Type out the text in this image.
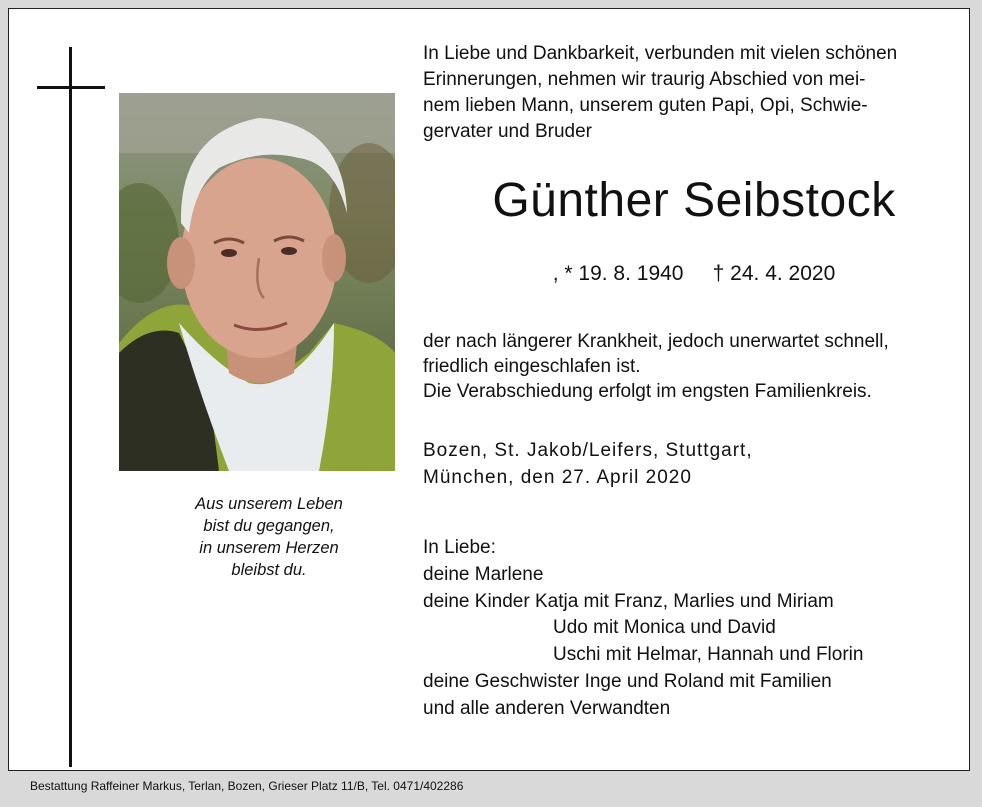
Aus unserem Leben
bist du gegangen,
in unserem Herzen
bleibst du.
In Liebe und Dankbarkeit, verbunden mit vielen schönen
Erinnerungen, nehmen wir traurig Abschied von mei-
nem lieben Mann, unserem guten Papi, Opi, Schwie-
gervater und Bruder
Günther Seibstock
, * 19. 8. 1940     † 24. 4. 2020
der nach längerer Krankheit, jedoch unerwartet schnell,
friedlich eingeschlafen ist.
Die Verabschiedung erfolgt im engsten Familienkreis.
Bozen, St. Jakob/Leifers, Stuttgart,
München, den 27. April 2020
In Liebe:
deine Marlene
deine Kinder Katja mit Franz, Marlies und Miriam
Udo mit Monica und David
Uschi mit Helmar, Hannah und Florin
deine Geschwister Inge und Roland mit Familien
und alle anderen Verwandten
Bestattung Raffeiner Markus, Terlan, Bozen, Grieser Platz 11/B, Tel. 0471/402286
